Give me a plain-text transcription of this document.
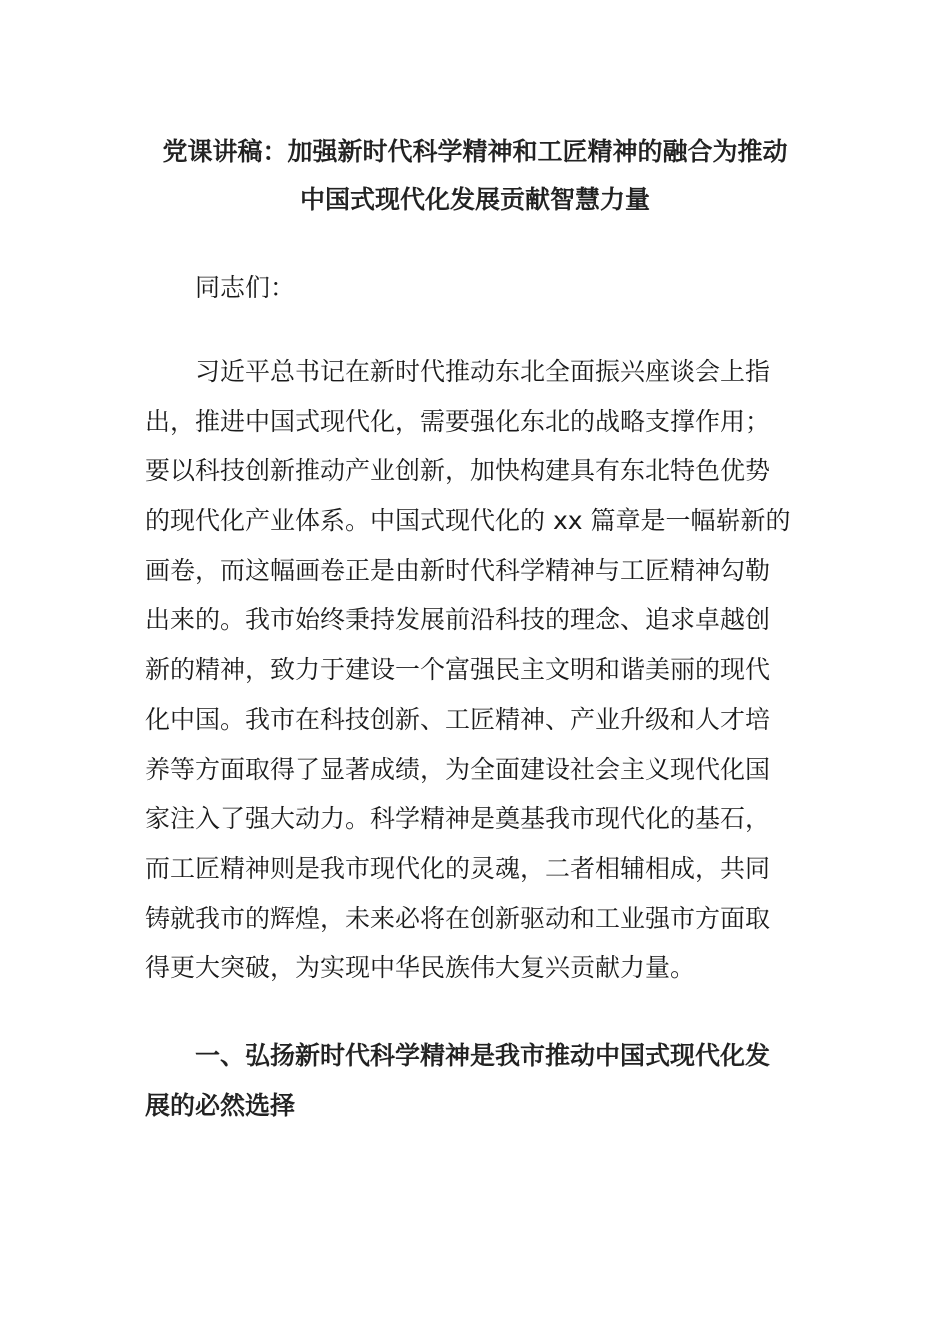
党课讲稿：加强新时代科学精神和工匠精神的融合为推动
中国式现代化发展贡献智慧力量

同志们：

习近平总书记在新时代推动东北全面振兴座谈会上指
出，推进中国式现代化，需要强化东北的战略支撑作用；
要以科技创新推动产业创新，加快构建具有东北特色优势
的现代化产业体系。中国式现代化的 xx 篇章是一幅崭新的
画卷，而这幅画卷正是由新时代科学精神与工匠精神勾勒
出来的。我市始终秉持发展前沿科技的理念、追求卓越创
新的精神，致力于建设一个富强民主文明和谐美丽的现代
化中国。我市在科技创新、工匠精神、产业升级和人才培
养等方面取得了显著成绩，为全面建设社会主义现代化国
家注入了强大动力。科学精神是奠基我市现代化的基石，
而工匠精神则是我市现代化的灵魂，二者相辅相成，共同
铸就我市的辉煌，未来必将在创新驱动和工业强市方面取
得更大突破，为实现中华民族伟大复兴贡献力量。
一、弘扬新时代科学精神是我市推动中国式现代化发
展的必然选择
